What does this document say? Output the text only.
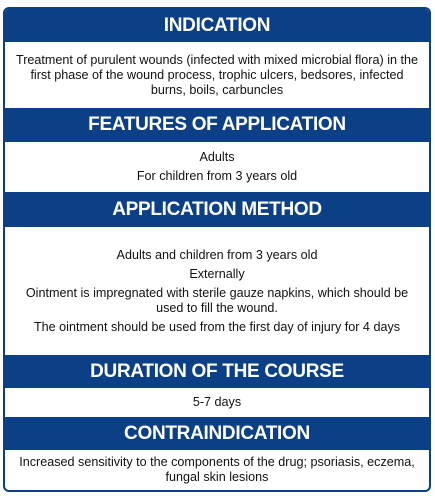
INDICATION

Treatment of purulent wounds (infected with mixed microbial flora) in the first phase of the wound process, trophic ulcers, bedsores, infected burns, boils, carbuncles

FEATURES OF APPLICATION

Adults

For children from 3 years old

APPLICATION METHOD

Adults and children from 3 years old

Externally

Ointment is impregnated with sterile gauze napkins, which should be used to fill the wound.

The ointment should be used from the first day of injury for 4 days

DURATION OF THE COURSE

5-7 days

CONTRAINDICATION

Increased sensitivity to the components of the drug; psoriasis, eczema, fungal skin lesions
